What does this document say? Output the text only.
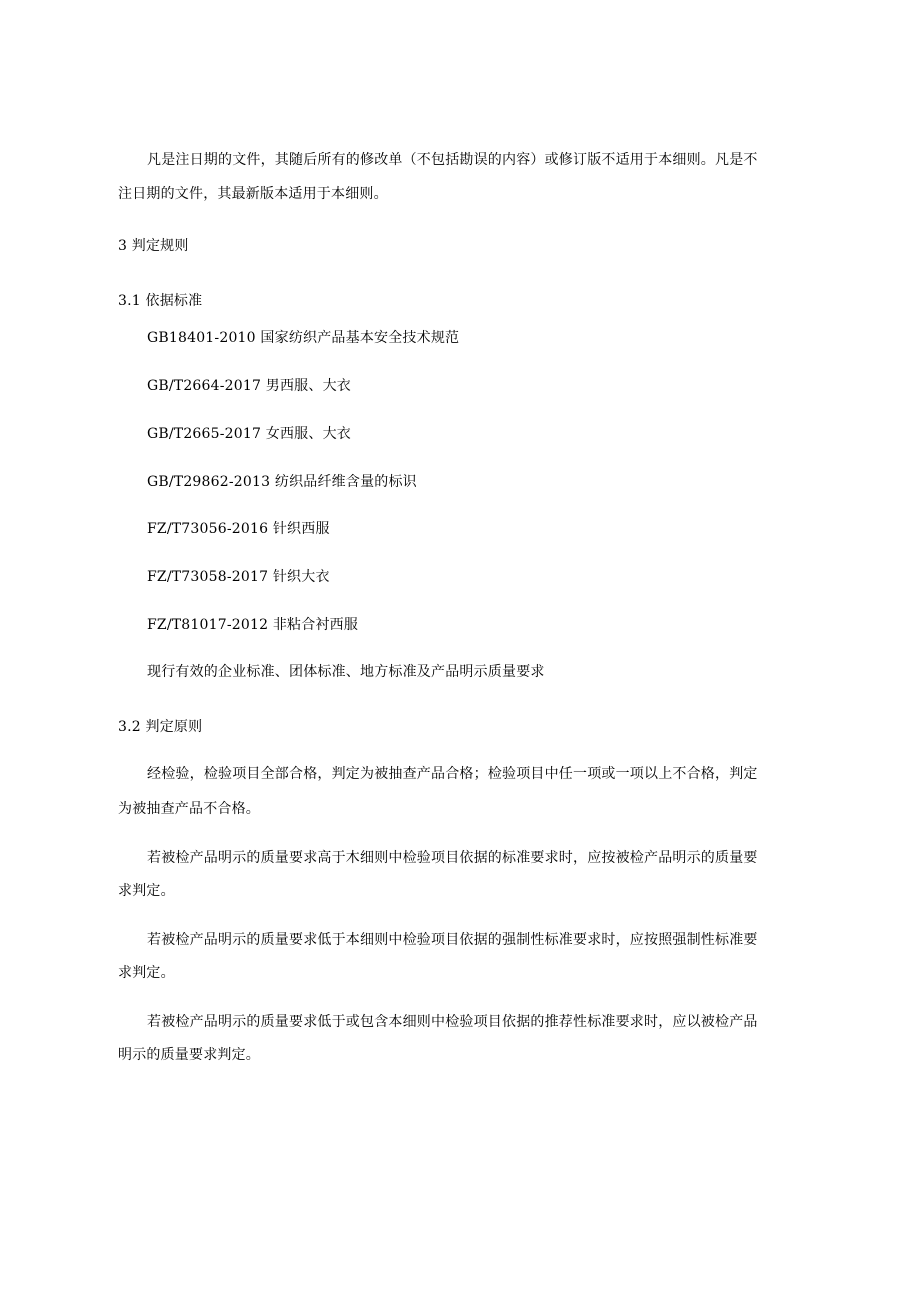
凡是注日期的文件，其随后所有的修改单（不包括勘误的内容）或修订版不适用于本细则。凡是不
注日期的文件，其最新版本适用于本细则。
3 判定规则
3.1 依据标准
GB18401-2010 国家纺织产品基本安全技术规范
GB/T2664-2017 男西服、大衣
GB/T2665-2017 女西服、大衣
GB/T29862-2013 纺织品纤维含量的标识
FZ/T73056-2016 针织西服
FZ/T73058-2017 针织大衣
FZ/T81017-2012 非粘合衬西服
现行有效的企业标准、团体标准、地方标准及产品明示质量要求
3.2 判定原则
经检验，检验项目全部合格，判定为被抽查产品合格；检验项目中任一项或一项以上不合格，判定
为被抽查产品不合格。
若被检产品明示的质量要求高于木细则中检验项目依据的标准要求时，应按被检产品明示的质量要
求判定。
若被检产品明示的质量要求低于本细则中检验项目依据的强制性标准要求时，应按照强制性标准要
求判定。
若被检产品明示的质量要求低于或包含本细则中检验项目依据的推荐性标准要求时，应以被检产品
明示的质量要求判定。
